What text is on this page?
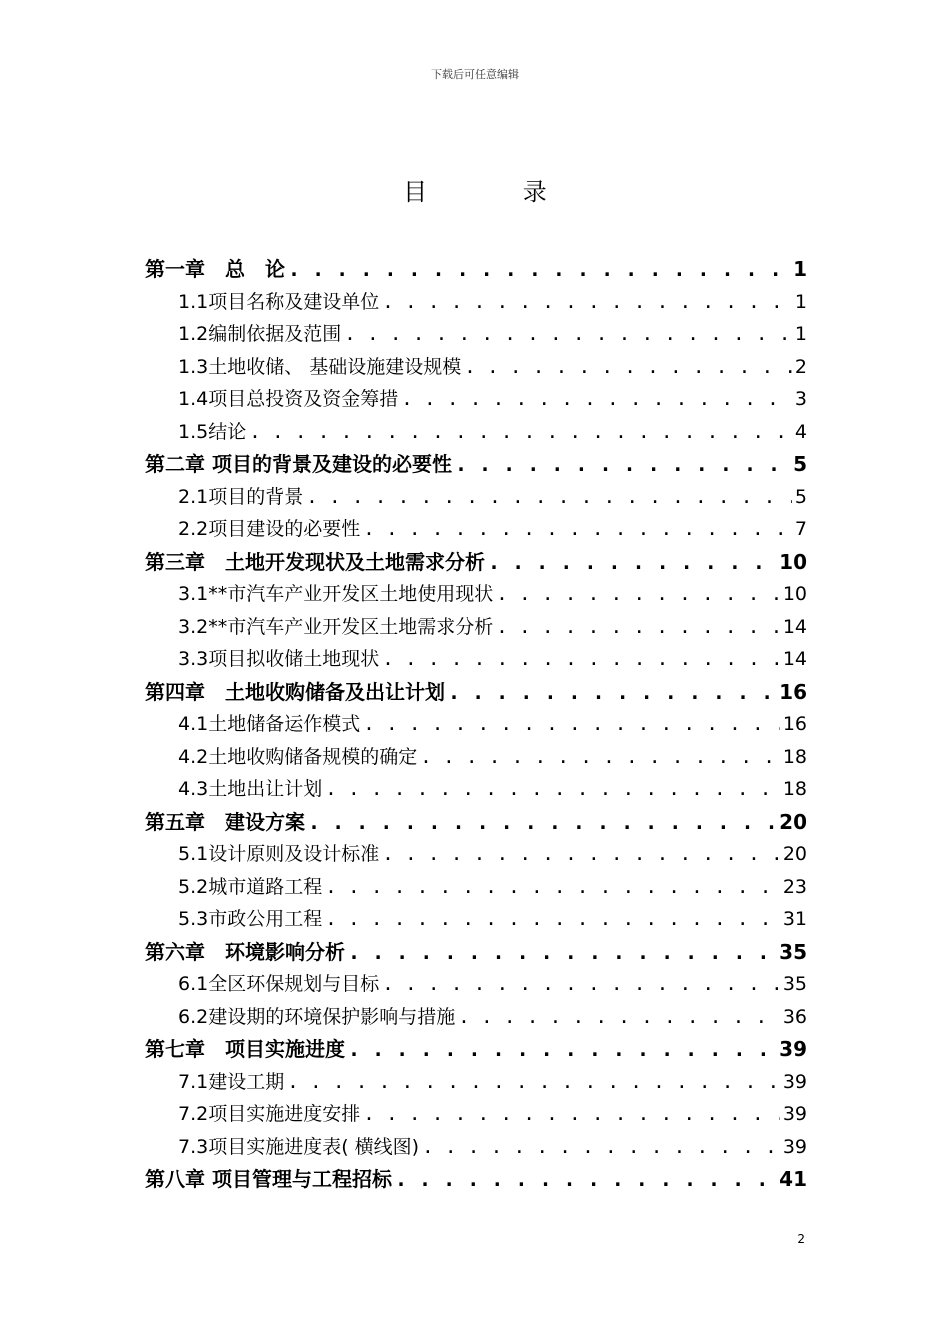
下载后可任意编辑
目 录
第一章　总　论 . . .	1
1.1项目名称及建设单位 . . .	1
1.2编制依据及范围 . . .	1
1.3土地收储、 基础设施建设规模 . . .	2
1.4项目总投资及资金筹措 . . .	3
1.5结论 . . .	4
第二章 项目的背景及建设的必要性 . . .	5
2.1项目的背景 . . .	5
2.2项目建设的必要性 . . .	7
第三章　土地开发现状及土地需求分析 . . .	10
3.1**市汽车产业开发区土地使用现状 . . .	10
3.2**市汽车产业开发区土地需求分析 . . .	14
3.3项目拟收储土地现状 . . .	14
第四章　土地收购储备及出让计划 . . .	16
4.1土地储备运作模式 . . .	16
4.2土地收购储备规模的确定 . . .	18
4.3土地出让计划 . . .	18
第五章　建设方案 . . .	20
5.1设计原则及设计标准 . . .	20
5.2城市道路工程 . . .	23
5.3市政公用工程 . . .	31
第六章　环境影响分析 . . .	35
6.1全区环保规划与目标 . . .	35
6.2建设期的环境保护影响与措施 . . .	36
第七章　项目实施进度 . . .	39
7.1建设工期 . . .	39
7.2项目实施进度安排 . . .	39
7.3项目实施进度表( 横线图) . . .	39
第八章 项目管理与工程招标 . . .	41
2
